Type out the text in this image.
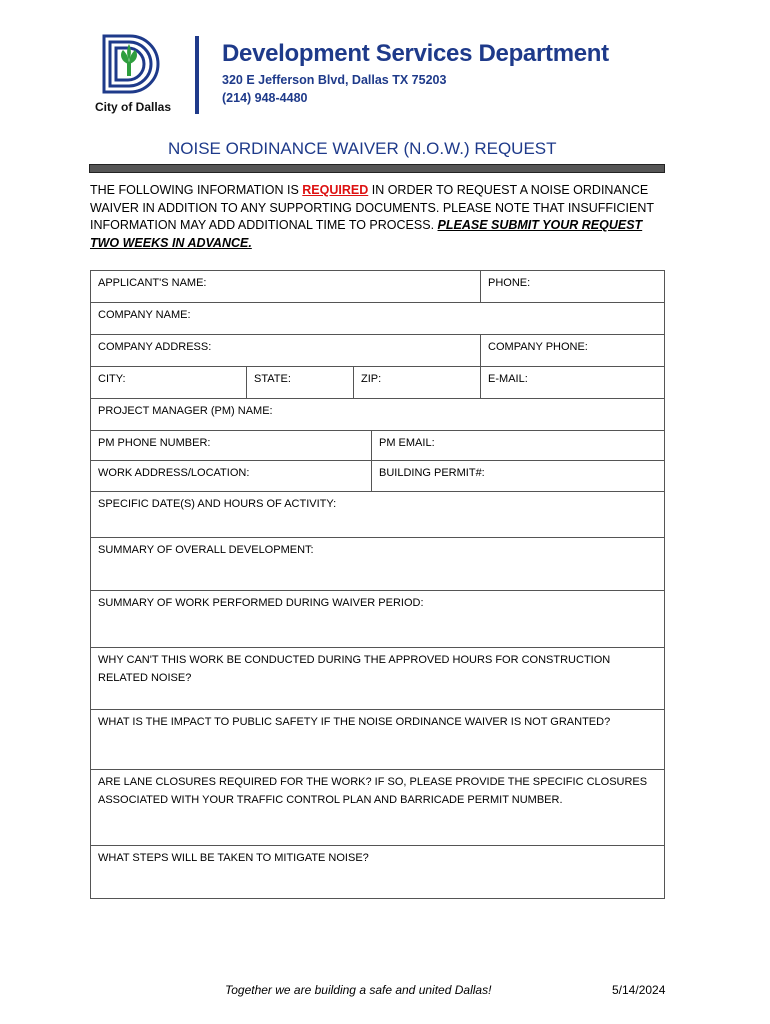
City of Dallas
Development Services Department
320 E Jefferson Blvd, Dallas TX 75203
(214) 948-4480
NOISE ORDINANCE WAIVER (N.O.W.) REQUEST
THE FOLLOWING INFORMATION IS REQUIRED IN ORDER TO REQUEST A NOISE ORDINANCE WAIVER IN ADDITION TO ANY SUPPORTING DOCUMENTS. PLEASE NOTE THAT INSUFFICIENT INFORMATION MAY ADD ADDITIONAL TIME TO PROCESS. PLEASE SUBMIT YOUR REQUEST TWO WEEKS IN ADVANCE.
APPLICANT'S NAME:				PHONE:
COMPANY NAME:				
COMPANY ADDRESS:				COMPANY PHONE:
CITY:	STATE:	ZIP:		E-MAIL:
PROJECT MANAGER (PM) NAME:				
PM PHONE NUMBER:			PM EMAIL:	
WORK ADDRESS/LOCATION:			BUILDING PERMIT#:	
SPECIFIC DATE(S) AND HOURS OF ACTIVITY:				
SUMMARY OF OVERALL DEVELOPMENT:				
SUMMARY OF WORK PERFORMED DURING WAIVER PERIOD:				
WHY CAN'T THIS WORK BE CONDUCTED DURING THE APPROVED HOURS FOR CONSTRUCTION RELATED NOISE?				
WHAT IS THE IMPACT TO PUBLIC SAFETY IF THE NOISE ORDINANCE WAIVER IS NOT GRANTED?				
ARE LANE CLOSURES REQUIRED FOR THE WORK? IF SO, PLEASE PROVIDE THE SPECIFIC CLOSURES ASSOCIATED WITH YOUR TRAFFIC CONTROL PLAN AND BARRICADE PERMIT NUMBER.				
WHAT STEPS WILL BE TAKEN TO MITIGATE NOISE?				
Together we are building a safe and united Dallas!	5/14/2024
